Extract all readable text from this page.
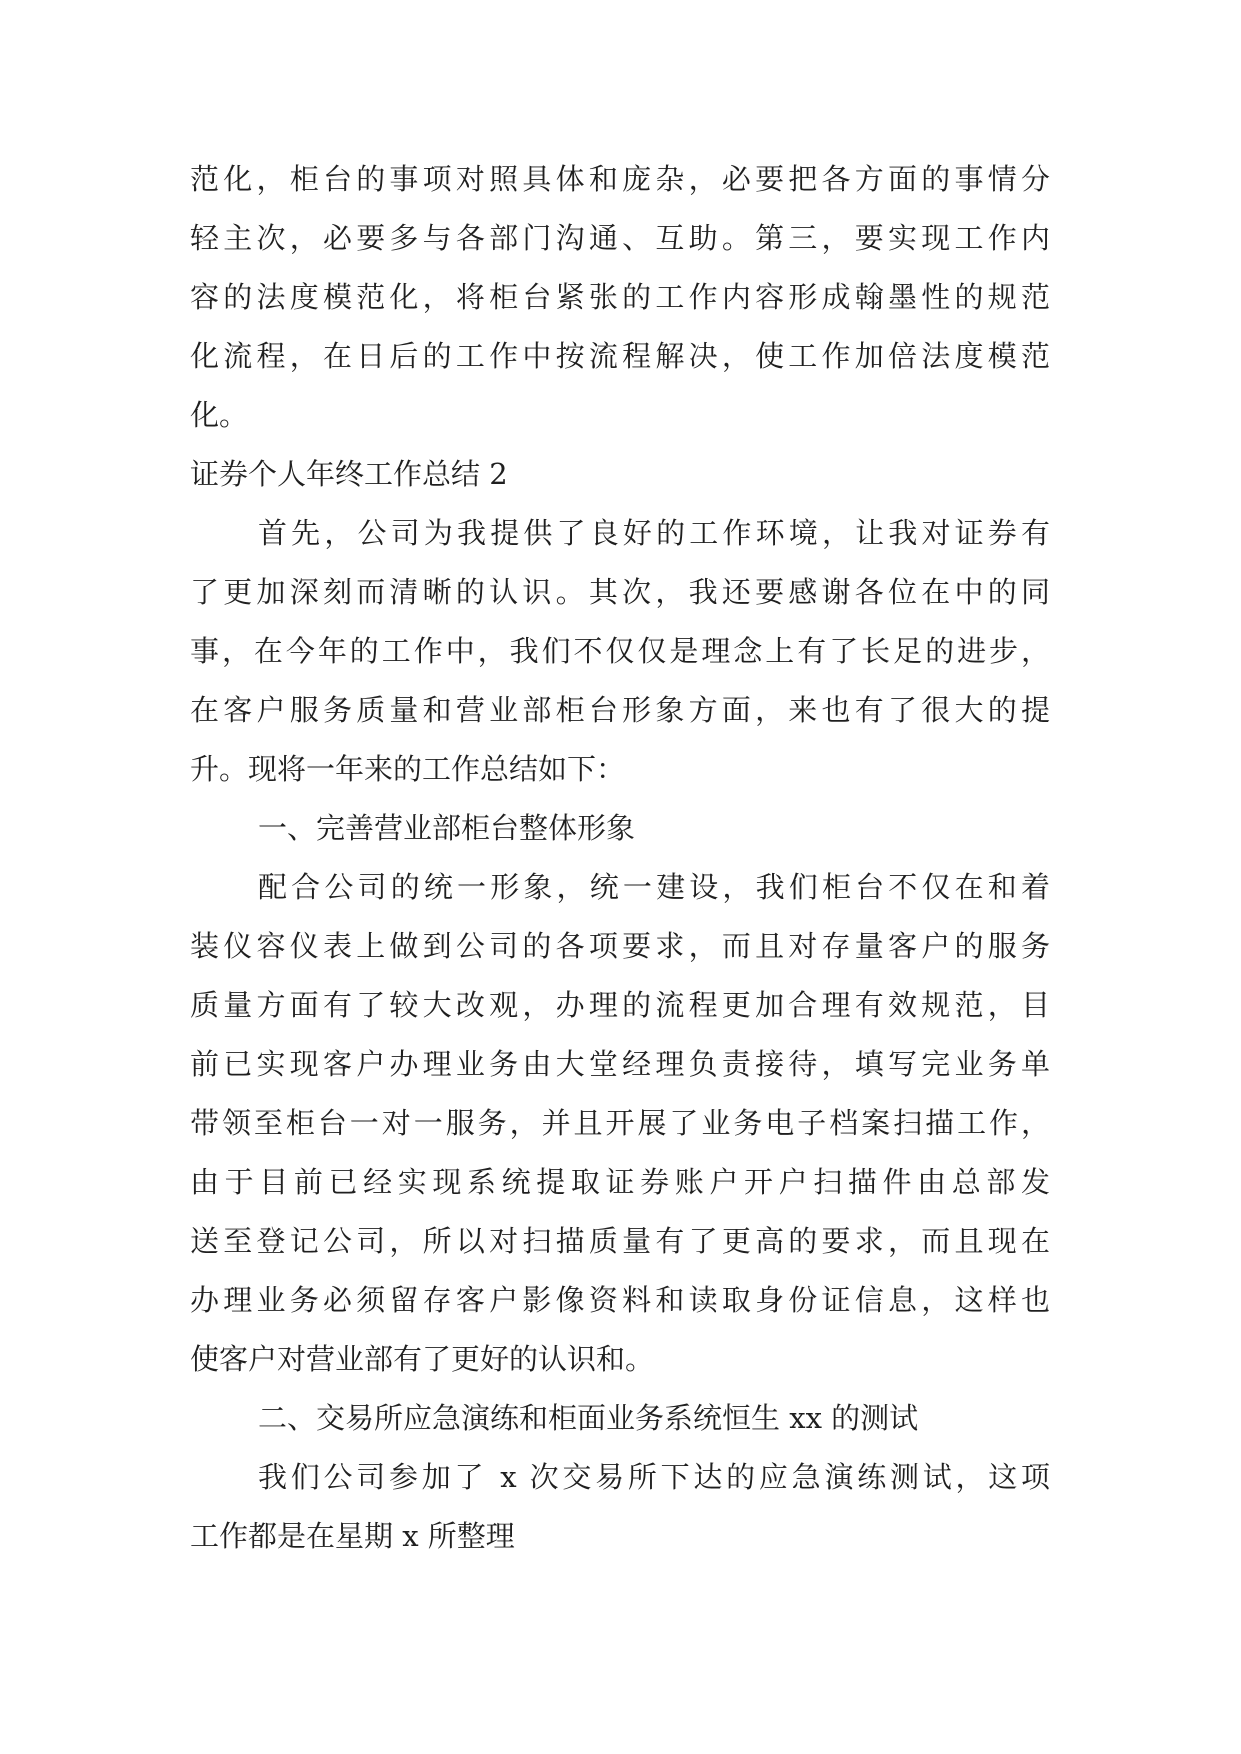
范化，柜台的事项对照具体和庞杂，必要把各方面的事情分
轻主次，必要多与各部门沟通、互助。第三，要实现工作内
容的法度模范化，将柜台紧张的工作内容形成翰墨性的规范
化流程，在日后的工作中按流程解决，使工作加倍法度模范
化。
证券个人年终工作总结 2
首先，公司为我提供了良好的工作环境，让我对证券有
了更加深刻而清晰的认识。其次，我还要感谢各位在中的同
事，在今年的工作中，我们不仅仅是理念上有了长足的进步，
在客户服务质量和营业部柜台形象方面，来也有了很大的提
升。现将一年来的工作总结如下：
一、完善营业部柜台整体形象
配合公司的统一形象，统一建设，我们柜台不仅在和着
装仪容仪表上做到公司的各项要求，而且对存量客户的服务
质量方面有了较大改观，办理的流程更加合理有效规范，目
前已实现客户办理业务由大堂经理负责接待，填写完业务单
带领至柜台一对一服务，并且开展了业务电子档案扫描工作，
由于目前已经实现系统提取证券账户开户扫描件由总部发
送至登记公司，所以对扫描质量有了更高的要求，而且现在
办理业务必须留存客户影像资料和读取身份证信息，这样也
使客户对营业部有了更好的认识和。
二、交易所应急演练和柜面业务系统恒生 xx 的测试
我们公司参加了 x 次交易所下达的应急演练测试，这项
工作都是在星期 x 所整理
